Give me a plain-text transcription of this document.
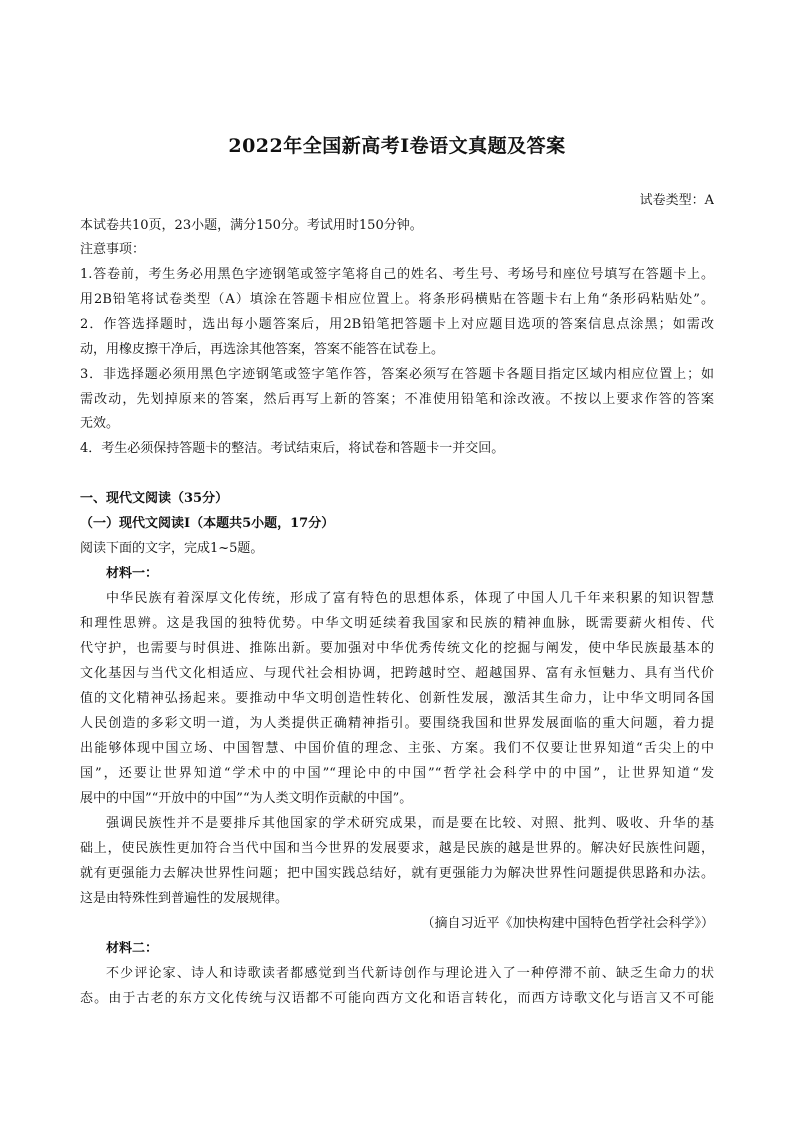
2022年全国新高考Ⅰ卷语文真题及答案
试卷类型：A
本试卷共10页，23小题，满分150分。考试用时150分钟。
注意事项：
1.答卷前，考生务必用黑色字迹钢笔或签字笔将自己的姓名、考生号、考场号和座位号填写在答题卡上。
用2B铅笔将试卷类型（A）填涂在答题卡相应位置上。将条形码横贴在答题卡右上角“条形码粘贴处”。
2．作答选择题时，选出每小题答案后，用2B铅笔把答题卡上对应题目选项的答案信息点涂黑；如需改
动，用橡皮擦干净后，再选涂其他答案，答案不能答在试卷上。
3．非选择题必须用黑色字迹钢笔或签字笔作答，答案必须写在答题卡各题目指定区域内相应位置上；如
需改动，先划掉原来的答案，然后再写上新的答案；不准使用铅笔和涂改液。不按以上要求作答的答案
无效。
4．考生必须保持答题卡的整洁。考试结束后，将试卷和答题卡一并交回。
一、现代文阅读（35分）
（一）现代文阅读Ⅰ（本题共5小题，17分）
阅读下面的文字，完成1~5题。
材料一：
中华民族有着深厚文化传统，形成了富有特色的思想体系，体现了中国人几千年来积累的知识智慧
和理性思辨。这是我国的独特优势。中华文明延续着我国家和民族的精神血脉，既需要薪火相传、代
代守护，也需要与时俱进、推陈出新。要加强对中华优秀传统文化的挖掘与阐发，使中华民族最基本的
文化基因与当代文化相适应、与现代社会相协调，把跨越时空、超越国界、富有永恒魅力、具有当代价
值的文化精神弘扬起来。要推动中华文明创造性转化、创新性发展，激活其生命力，让中华文明同各国
人民创造的多彩文明一道，为人类提供正确精神指引。要围绕我国和世界发展面临的重大问题，着力提
出能够体现中国立场、中国智慧、中国价值的理念、主张、方案。我们不仅要让世界知道“舌尖上的中
国”，还要让世界知道“学术中的中国”“理论中的中国”“哲学社会科学中的中国”，让世界知道“发
展中的中国”“开放中的中国”“为人类文明作贡献的中国”。
强调民族性并不是要排斥其他国家的学术研究成果，而是要在比较、对照、批判、吸收、升华的基
础上，使民族性更加符合当代中国和当今世界的发展要求，越是民族的越是世界的。解决好民族性问题，
就有更强能力去解决世界性问题；把中国实践总结好，就有更强能力为解决世界性问题提供思路和办法。
这是由特殊性到普遍性的发展规律。
（摘自习近平《加快构建中国特色哲学社会科学》）
材料二：
不少评论家、诗人和诗歌读者都感觉到当代新诗创作与理论进入了一种停滞不前、缺乏生命力的状
态。由于古老的东方文化传统与汉语都不可能向西方文化和语言转化，而西方诗歌文化与语言又不可能
